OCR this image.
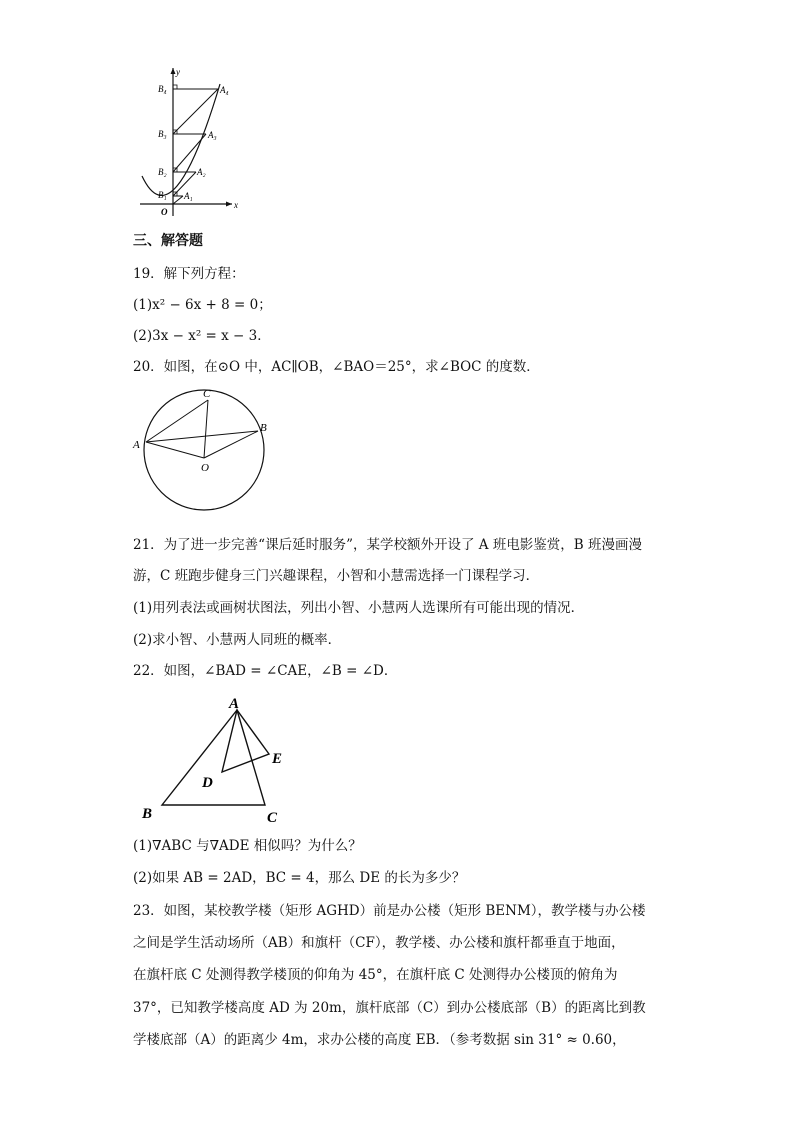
y
x
O
B₄
B₃
B₂
B₁
A₄
A₃
A₂
A₁
三、解答题
19．解下列方程：
(1)x² − 6x + 8 = 0；
(2)3x − x² = x − 3．
20．如图，在⊙O 中，AC∥OB，∠BAO＝25°，求∠BOC 的度数．
C
A
B
O
21．为了进一步完善“课后延时服务”，某学校额外开设了 A 班电影鉴赏，B 班漫画漫
游，C 班跑步健身三门兴趣课程，小智和小慧需选择一门课程学习．
(1)用列表法或画树状图法，列出小智、小慧两人选课所有可能出现的情况．
(2)求小智、小慧两人同班的概率．
22．如图，∠BAD = ∠CAE，∠B = ∠D．
A
B	C
D
E
(1)∇ABC 与∇ADE 相似吗？为什么？
(2)如果 AB = 2AD，BC = 4，那么 DE 的长为多少？
23．如图，某校教学楼（矩形 AGHD）前是办公楼（矩形 BENM），教学楼与办公楼
之间是学生活动场所（AB）和旗杆（CF），教学楼、办公楼和旗杆都垂直于地面，
在旗杆底 C 处测得教学楼顶的仰角为 45°，在旗杆底 C 处测得办公楼顶的俯角为
37°，已知教学楼高度 AD 为 20m，旗杆底部（C）到办公楼底部（B）的距离比到教
学楼底部（A）的距离少 4m，求办公楼的高度 EB．（参考数据 sin 31° ≈ 0.60，
